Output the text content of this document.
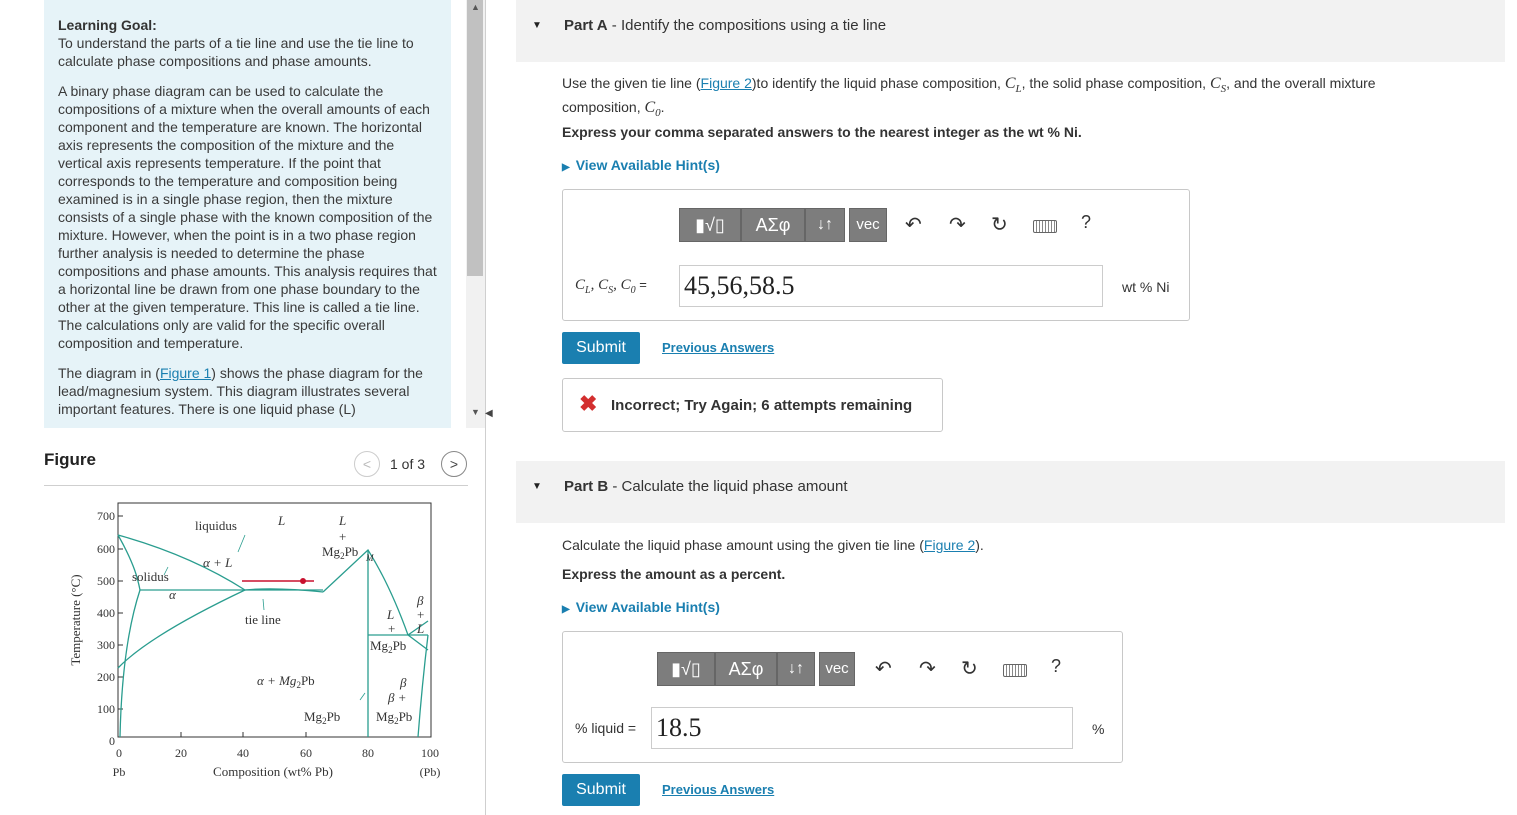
Learning Goal:

To understand the parts of a tie line and use the tie line to calculate phase compositions and phase amounts.

A binary phase diagram can be used to calculate the compositions of a mixture when the overall amounts of each component and the temperature are known. The horizontal axis represents the composition of the mixture and the vertical axis represents temperature. If the point that corresponds to the temperature and composition being examined is in a single phase region, then the mixture consists of a single phase with the known composition of the mixture. However, when the point is in a two phase region further analysis is needed to determine the phase compositions and phase amounts. This analysis requires that a horizontal line be drawn from one phase boundary to the other at the given temperature. This line is called a tie line. The calculations only are valid for the specific overall composition and temperature.

The diagram in (Figure 1) shows the phase diagram for the lead/magnesium system. This diagram illustrates several important features. There is one liquid phase (L)

▲
▼ ◀
Figure	<	1 of 3	>
700
600
500
400
300
200
100
0
0	20	40	60	80	100
Pb	(Pb)
Composition (wt% Pb)
Temperature (°C)
liquidus	L	L
+
$Mg_2Pb$ M
α + L
solidus
α
tie line	L
+
$Mg_2Pb$
β
+
L
$\alpha + Mg_2Pb$	β
β +
$Mg_2Pb$	$Mg_2Pb$
▼ Part A - Identify the compositions using a tie line
Use the given tie line (Figure 2)to identify the liquid phase composition, $C_L$, the solid phase composition, $C_S$, and the overall mixture composition, $C_0$.
Express your comma separated answers to the nearest integer as the wt % Ni.
▶ View Available Hint(s)
▮√▯	ΑΣφ	↓↑	vec	↶ ↷ ↻	?
$C_L$, $C_S$, $C_0 = 45,56,58.5$	wt % Ni
Submit	Previous Answers
✖ Incorrect; Try Again; 6 attempts remaining
▼ Part B - Calculate the liquid phase amount
Calculate the liquid phase amount using the given tie line (Figure 2).
Express the amount as a percent.
▶ View Available Hint(s)
▮√▯	ΑΣφ	↓↑	vec	↶ ↷ ↻	?
% liquid = 18.5	%
Submit	Previous Answers
